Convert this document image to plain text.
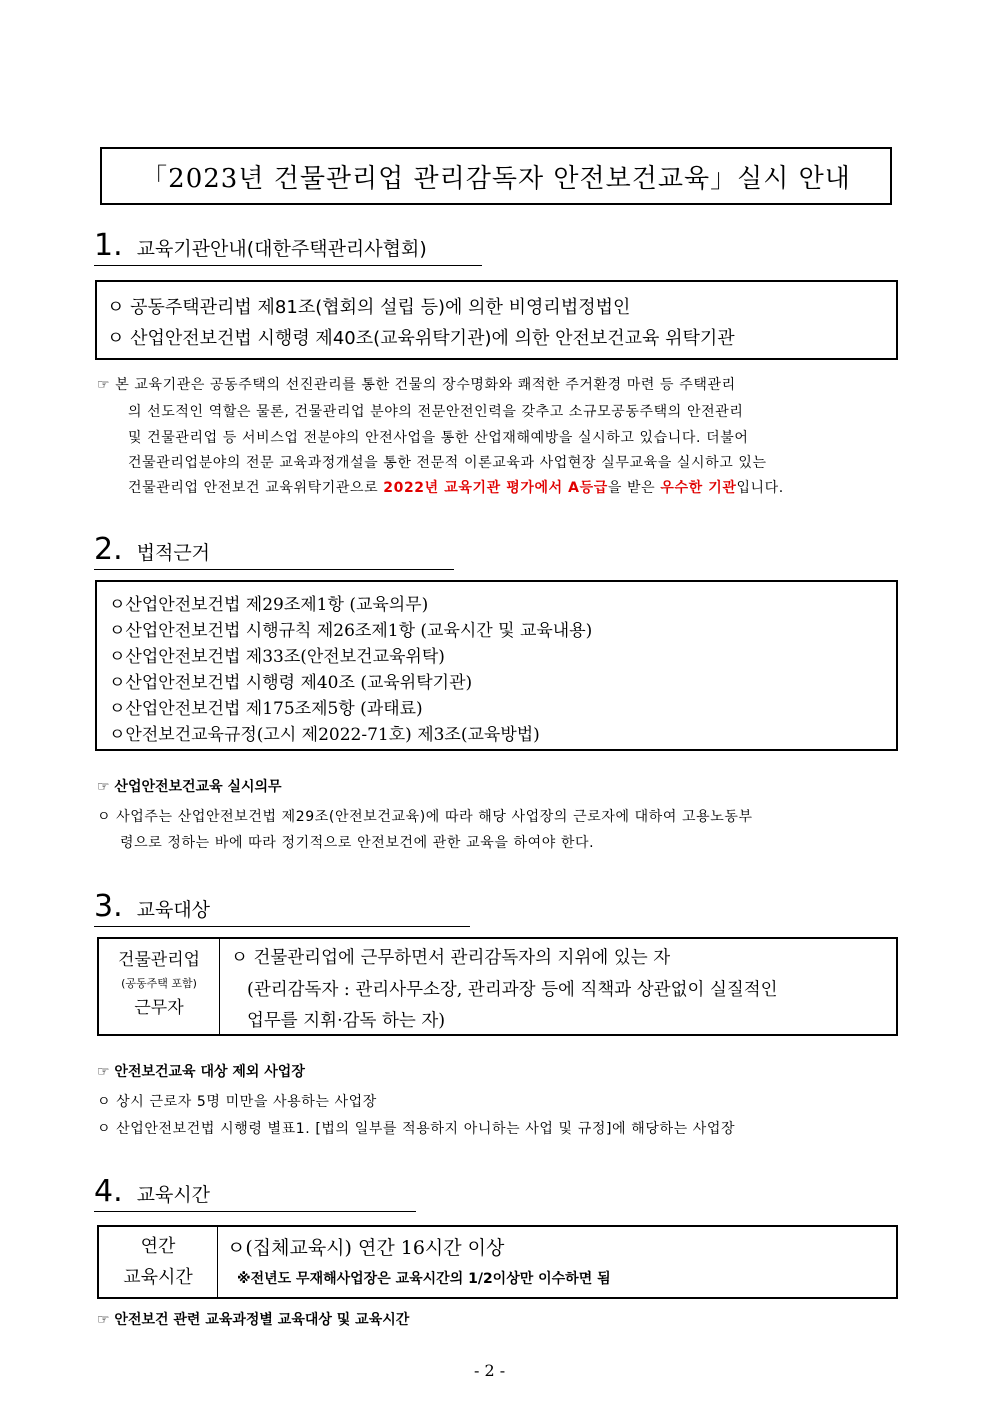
「2023년 건물관리업 관리감독자 안전보건교육」실시 안내
1. 교육기관안내(대한주택관리사협회)
ㅇ 공동주택관리법 제81조(협회의 설립 등)에 의한 비영리법정법인
ㅇ 산업안전보건법 시행령 제40조(교육위탁기관)에 의한 안전보건교육 위탁기관
☞ 본 교육기관은 공동주택의 선진관리를 통한 건물의 장수명화와 쾌적한 주거환경 마련 등 주택관리
의 선도적인 역할은 물론, 건물관리업 분야의 전문안전인력을 갖추고 소규모공동주택의 안전관리
및 건물관리업 등 서비스업 전분야의 안전사업을 통한 산업재해예방을 실시하고 있습니다. 더불어
건물관리업분야의 전문 교육과정개설을 통한 전문적 이론교육과 사업현장 실무교육을 실시하고 있는
건물관리업 안전보건 교육위탁기관으로 2022년 교육기관 평가에서 A등급을 받은 우수한 기관입니다.
2. 법적근거
ㅇ산업안전보건법 제29조제1항 (교육의무)
ㅇ산업안전보건법 시행규칙 제26조제1항 (교육시간 및 교육내용)
ㅇ산업안전보건법 제33조(안전보건교육위탁)
ㅇ산업안전보건법 시행령 제40조 (교육위탁기관)
ㅇ산업안전보건법 제175조제5항 (과태료)
ㅇ안전보건교육규정(고시 제2022-71호) 제3조(교육방법)
☞ 산업안전보건교육 실시의무
ㅇ 사업주는 산업안전보건법 제29조(안전보건교육)에 따라 해당 사업장의 근로자에 대하여 고용노동부
령으로 정하는 바에 따라 정기적으로 안전보건에 관한 교육을 하여야 한다.
3. 교육대상
건물관리업
(공동주택 포함)
근무자
ㅇ 건물관리업에 근무하면서 관리감독자의 지위에 있는 자
(관리감독자 : 관리사무소장, 관리과장 등에 직책과 상관없이 실질적인
업무를 지휘·감독 하는 자)
☞ 안전보건교육 대상 제외 사업장
ㅇ 상시 근로자 5명 미만을 사용하는 사업장
ㅇ 산업안전보건법 시행령 별표1. [법의 일부를 적용하지 아니하는 사업 및 규정]에 해당하는 사업장
4. 교육시간
연간
교육시간
ㅇ(집체교육시) 연간 16시간 이상
※전년도 무재해사업장은 교육시간의 1/2이상만 이수하면 됨
☞ 안전보건 관련 교육과정별 교육대상 및 교육시간
- 2 -
